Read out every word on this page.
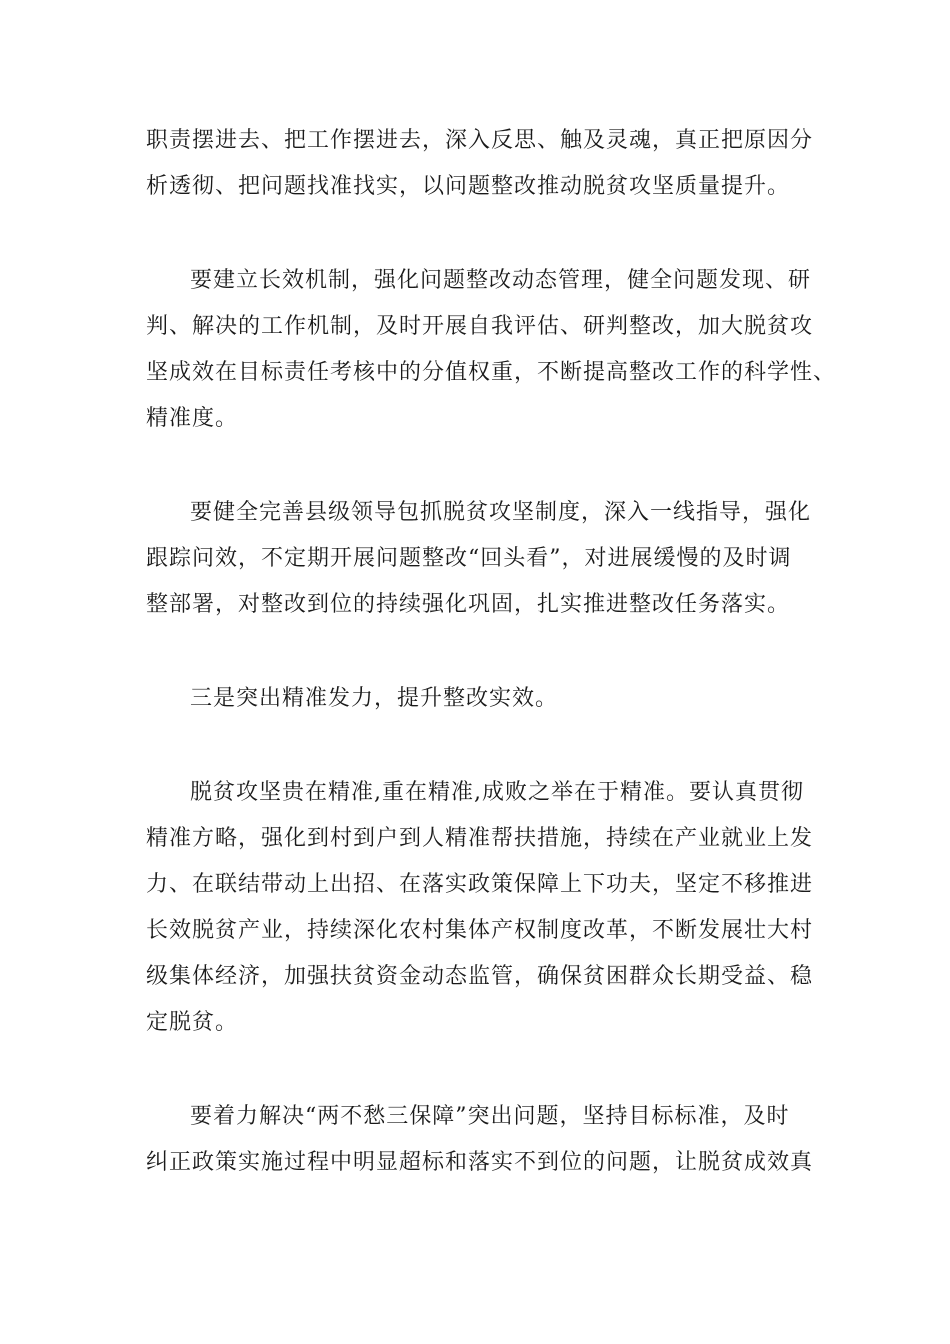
职责摆进去、把工作摆进去，深入反思、触及灵魂，真正把原因分
析透彻、把问题找准找实，以问题整改推动脱贫攻坚质量提升。
要建立长效机制，强化问题整改动态管理，健全问题发现、研
判、解决的工作机制，及时开展自我评估、研判整改，加大脱贫攻
坚成效在目标责任考核中的分值权重，不断提高整改工作的科学性、
精准度。
要健全完善县级领导包抓脱贫攻坚制度，深入一线指导，强化
跟踪问效，不定期开展问题整改“回头看”，对进展缓慢的及时调
整部署，对整改到位的持续强化巩固，扎实推进整改任务落实。
三是突出精准发力，提升整改实效。
脱贫攻坚贵在精准,重在精准,成败之举在于精准。要认真贯彻
精准方略，强化到村到户到人精准帮扶措施，持续在产业就业上发
力、在联结带动上出招、在落实政策保障上下功夫，坚定不移推进
长效脱贫产业，持续深化农村集体产权制度改革，不断发展壮大村
级集体经济，加强扶贫资金动态监管，确保贫困群众长期受益、稳
定脱贫。
要着力解决“两不愁三保障”突出问题，坚持目标标准，及时
纠正政策实施过程中明显超标和落实不到位的问题，让脱贫成效真
